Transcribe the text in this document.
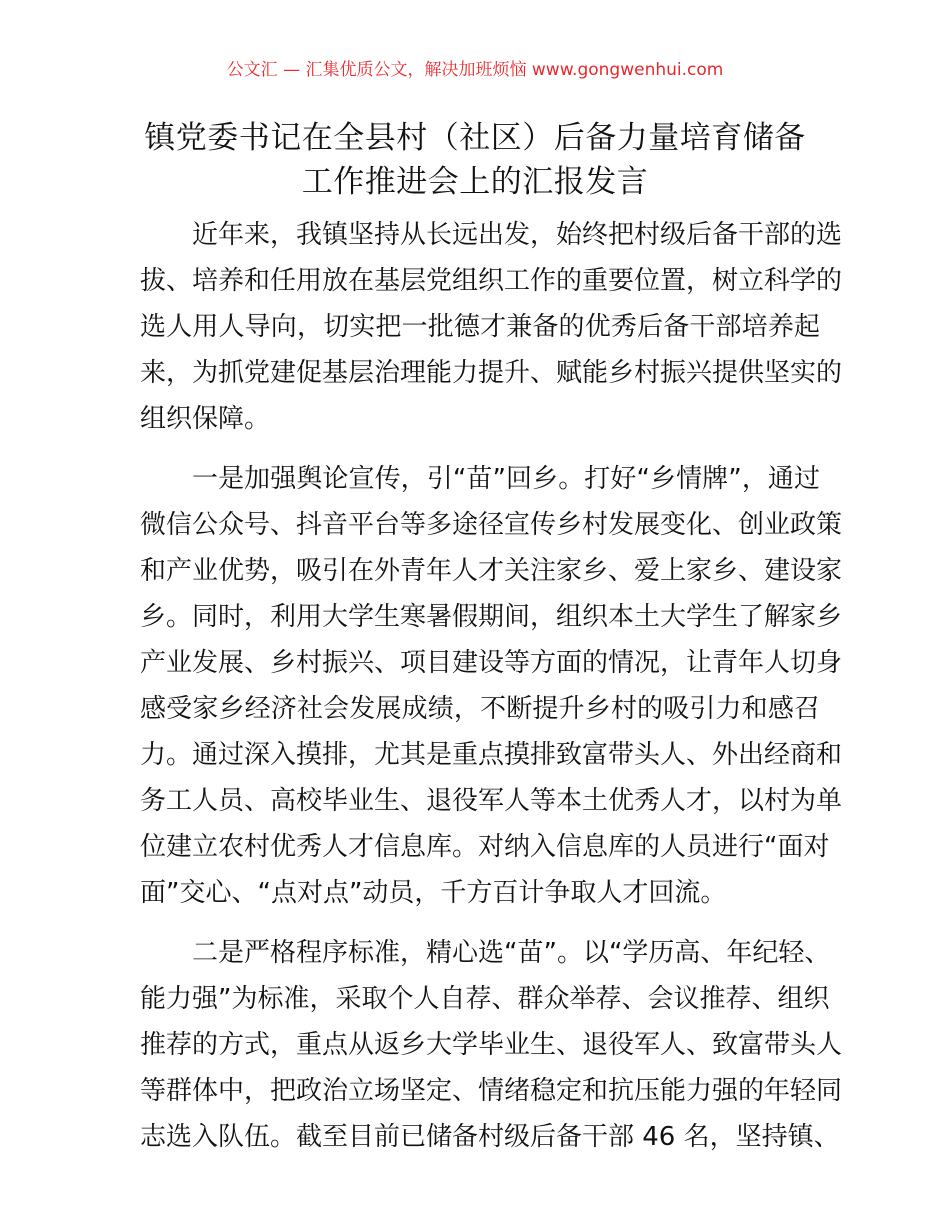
公文汇 — 汇集优质公文，解决加班烦恼 www.gongwenhui.com
镇党委书记在全县村（社区）后备力量培育储备
工作推进会上的汇报发言

近年来，我镇坚持从长远出发，始终把村级后备干部的选
拔、培养和任用放在基层党组织工作的重要位置，树立科学的
选人用人导向，切实把一批德才兼备的优秀后备干部培养起
来，为抓党建促基层治理能力提升、赋能乡村振兴提供坚实的
组织保障。

一是加强舆论宣传，引“苗”回乡。打好“乡情牌”，通过
微信公众号、抖音平台等多途径宣传乡村发展变化、创业政策
和产业优势，吸引在外青年人才关注家乡、爱上家乡、建设家
乡。同时，利用大学生寒暑假期间，组织本土大学生了解家乡
产业发展、乡村振兴、项目建设等方面的情况，让青年人切身
感受家乡经济社会发展成绩，不断提升乡村的吸引力和感召
力。通过深入摸排，尤其是重点摸排致富带头人、外出经商和
务工人员、高校毕业生、退役军人等本土优秀人才，以村为单
位建立农村优秀人才信息库。对纳入信息库的人员进行“面对
面”交心、“点对点”动员，千方百计争取人才回流。

二是严格程序标准，精心选“苗”。以“学历高、年纪轻、
能力强”为标准，采取个人自荐、群众举荐、会议推荐、组织
推荐的方式，重点从返乡大学毕业生、退役军人、致富带头人
等群体中，把政治立场坚定、情绪稳定和抗压能力强的年轻同
志选入队伍。截至目前已储备村级后备干部 46 名，坚持镇、
